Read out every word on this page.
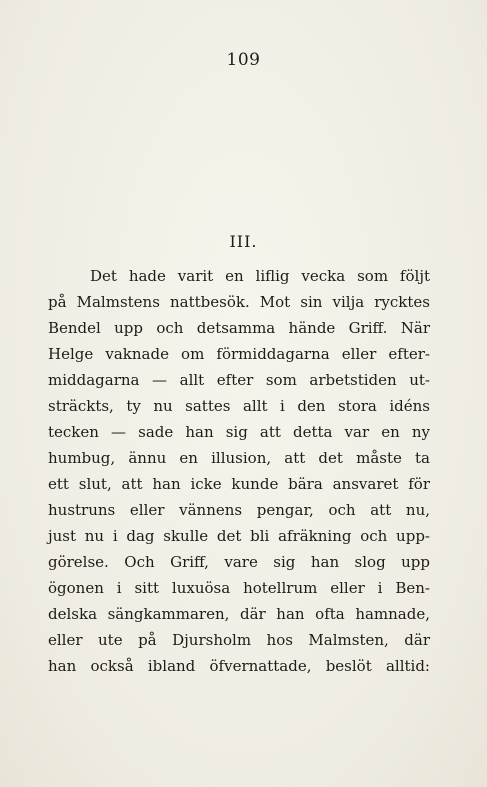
109
III.
Det hade varit en liflig vecka som följt
på Malmstens nattbesök. Mot sin vilja rycktes
Bendel upp och detsamma hände Griff. När
Helge vaknade om förmiddagarna eller efter-
middagarna — allt efter som arbetstiden ut-
sträckts, ty nu sattes allt i den stora idéns
tecken — sade han sig att detta var en ny
humbug, ännu en illusion, att det måste ta
ett slut, att han icke kunde bära ansvaret för
hustruns eller vännens pengar, och att nu,
just nu i dag skulle det bli afräkning och upp-
görelse. Och Griff, vare sig han slog upp
ögonen i sitt luxuösa hotellrum eller i Ben-
delska sängkammaren, där han ofta hamnade,
eller ute på Djursholm hos Malmsten, där
han också ibland öfvernattade, beslöt alltid:
